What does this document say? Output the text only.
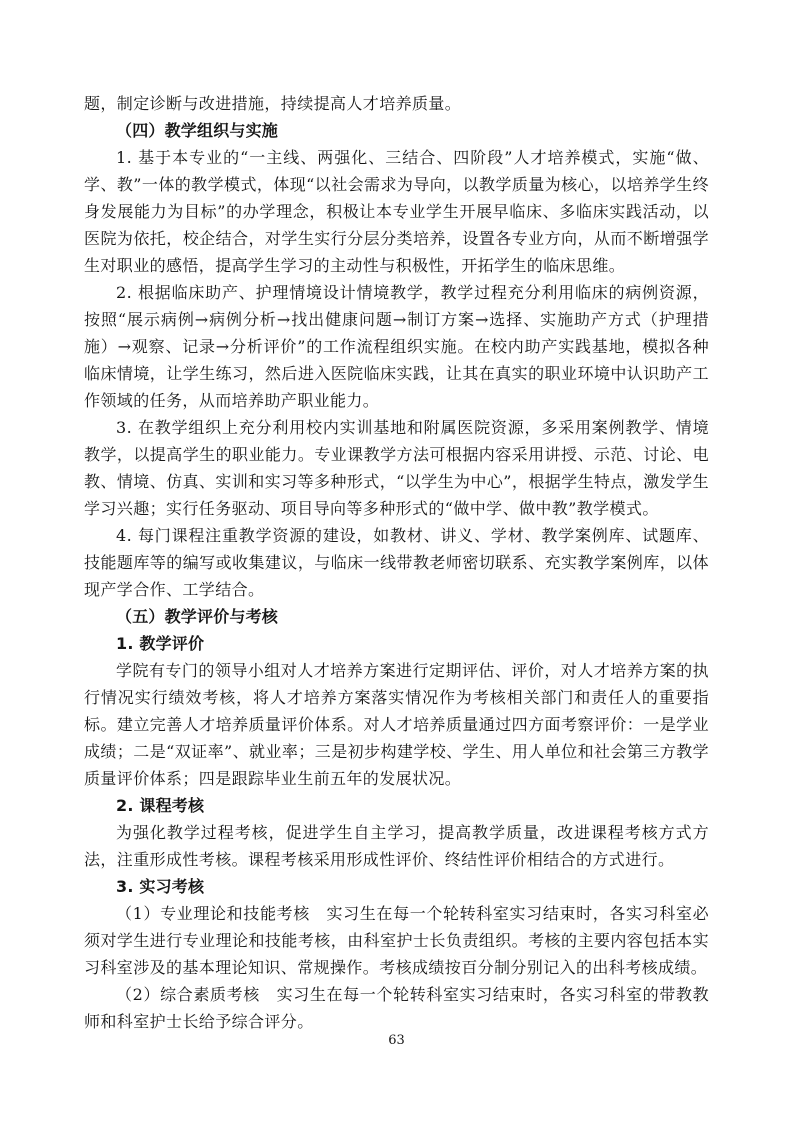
题，制定诊断与改进措施，持续提高人才培养质量。

（四）教学组织与实施

1. 基于本专业的“一主线、两强化、三结合、四阶段”人才培养模式，实施“做、学、教”一体的教学模式，体现“以社会需求为导向，以教学质量为核心，以培养学生终身发展能力为目标”的办学理念，积极让本专业学生开展早临床、多临床实践活动，以医院为依托，校企结合，对学生实行分层分类培养，设置各专业方向，从而不断增强学生对职业的感悟，提高学生学习的主动性与积极性，开拓学生的临床思维。

2. 根据临床助产、护理情境设计情境教学，教学过程充分利用临床的病例资源，按照“展示病例→病例分析→找出健康问题→制订方案→选择、实施助产方式（护理措施）→观察、记录→分析评价”的工作流程组织实施。在校内助产实践基地，模拟各种临床情境，让学生练习，然后进入医院临床实践，让其在真实的职业环境中认识助产工作领域的任务，从而培养助产职业能力。

3. 在教学组织上充分利用校内实训基地和附属医院资源，多采用案例教学、情境教学，以提高学生的职业能力。专业课教学方法可根据内容采用讲授、示范、讨论、电教、情境、仿真、实训和实习等多种形式，“以学生为中心”，根据学生特点，激发学生学习兴趣；实行任务驱动、项目导向等多种形式的“做中学、做中教”教学模式。

4. 每门课程注重教学资源的建设，如教材、讲义、学材、教学案例库、试题库、技能题库等的编写或收集建议，与临床一线带教老师密切联系、充实教学案例库，以体现产学合作、工学结合。

（五）教学评价与考核

1. 教学评价

学院有专门的领导小组对人才培养方案进行定期评估、评价，对人才培养方案的执行情况实行绩效考核，将人才培养方案落实情况作为考核相关部门和责任人的重要指标。建立完善人才培养质量评价体系。对人才培养质量通过四方面考察评价：一是学业成绩；二是“双证率”、就业率；三是初步构建学校、学生、用人单位和社会第三方教学质量评价体系；四是跟踪毕业生前五年的发展状况。

2. 课程考核

为强化教学过程考核，促进学生自主学习，提高教学质量，改进课程考核方式方法，注重形成性考核。课程考核采用形成性评价、终结性评价相结合的方式进行。

3. 实习考核

（1）专业理论和技能考核　实习生在每一个轮转科室实习结束时，各实习科室必须对学生进行专业理论和技能考核，由科室护士长负责组织。考核的主要内容包括本实习科室涉及的基本理论知识、常规操作。考核成绩按百分制分别记入的出科考核成绩。

（2）综合素质考核　实习生在每一个轮转科室实习结束时，各实习科室的带教教师和科室护士长给予综合评分。

63
